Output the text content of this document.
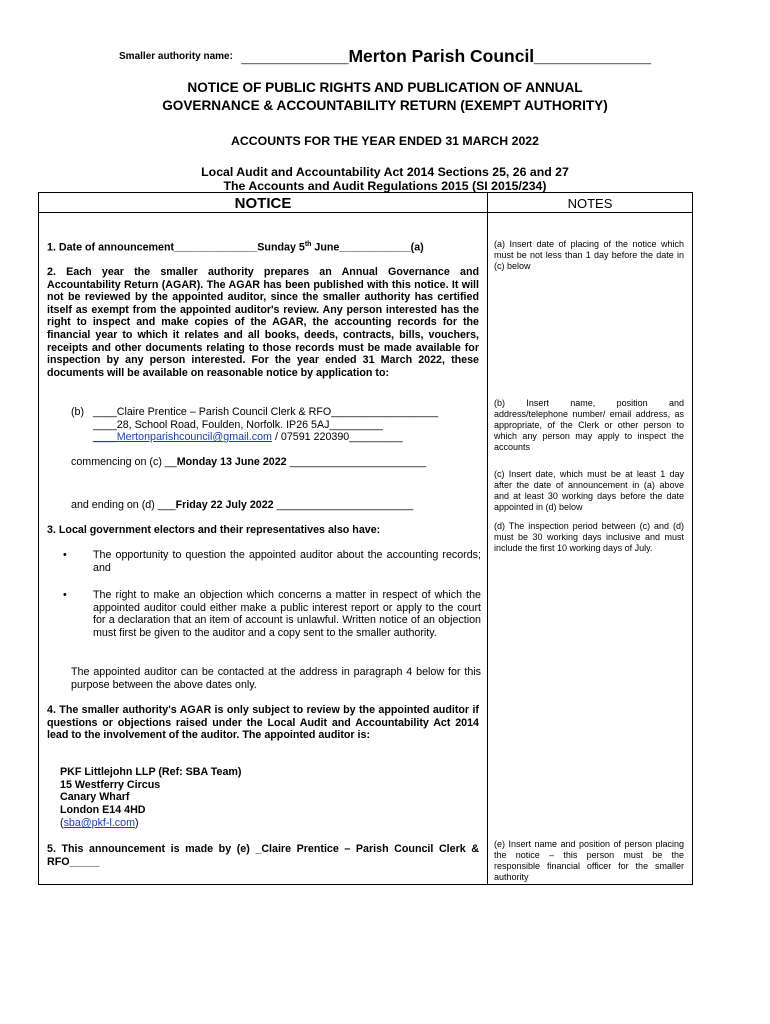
Smaller authority name: ___________Merton Parish Council____________
NOTICE OF PUBLIC RIGHTS AND PUBLICATION OF ANNUAL GOVERNANCE & ACCOUNTABILITY RETURN (EXEMPT AUTHORITY)
ACCOUNTS FOR THE YEAR ENDED 31 MARCH 2022
Local Audit and Accountability Act 2014 Sections 25, 26 and 27
The Accounts and Audit Regulations 2015 (SI 2015/234)
NOTICE	NOTES
1. Date of announcement______________Sunday 5th June____________(a)
2. Each year the smaller authority prepares an Annual Governance and Accountability Return (AGAR). The AGAR has been published with this notice. It will not be reviewed by the appointed auditor, since the smaller authority has certified itself as exempt from the appointed auditor's review. Any person interested has the right to inspect and make copies of the AGAR, the accounting records for the financial year to which it relates and all books, deeds, contracts, bills, vouchers, receipts and other documents relating to those records must be made available for inspection by any person interested. For the year ended 31 March 2022, these documents will be available on reasonable notice by application to:
(b) ____Claire Prentice – Parish Council Clerk & RFO__________________
____28, School Road, Foulden, Norfolk. IP26 5AJ_________
____Mertonparishcouncil@gmail.com / 07591 220390_________
commencing on (c) __Monday 13 June 2022 _______________________
and ending on (d) ___Friday 22 July 2022 _______________________
3. Local government electors and their representatives also have:
• The opportunity to question the appointed auditor about the accounting records; and
• The right to make an objection which concerns a matter in respect of which the appointed auditor could either make a public interest report or apply to the court for a declaration that an item of account is unlawful. Written notice of an objection must first be given to the auditor and a copy sent to the smaller authority.
The appointed auditor can be contacted at the address in paragraph 4 below for this purpose between the above dates only.
4. The smaller authority's AGAR is only subject to review by the appointed auditor if questions or objections raised under the Local Audit and Accountability Act 2014 lead to the involvement of the auditor. The appointed auditor is:
PKF Littlejohn LLP (Ref: SBA Team)
15 Westferry Circus
Canary Wharf
London E14 4HD
(sba@pkf-l.com)
5. This announcement is made by (e) _Claire Prentice – Parish Council Clerk & RFO_____
(a) Insert date of placing of the notice which must be not less than 1 day before the date in (c) below
(b) Insert name, position and address/telephone number/ email address, as appropriate, of the Clerk or other person to which any person may apply to inspect the accounts
(c) Insert date, which must be at least 1 day after the date of announcement in (a) above and at least 30 working days before the date appointed in (d) below
(d) The inspection period between (c) and (d) must be 30 working days inclusive and must include the first 10 working days of July.
(e) Insert name and position of person placing the notice – this person must be the responsible financial officer for the smaller authority
